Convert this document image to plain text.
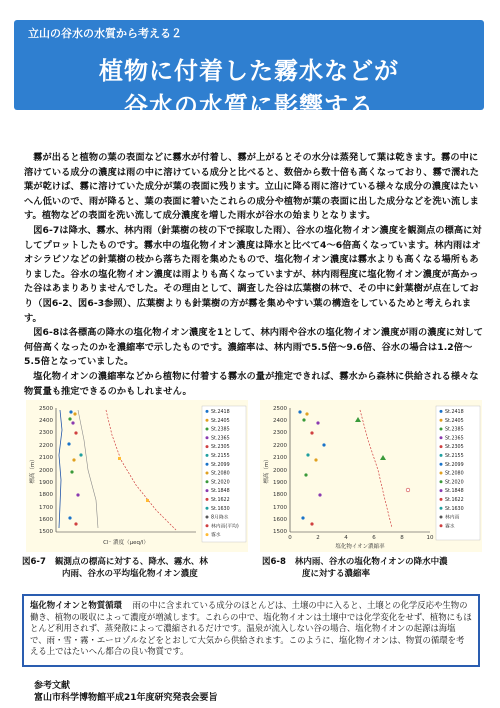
立山の谷水の水質から考える２
植物に付着した霧水などが
谷水の水質に影響する

霧が出ると植物の葉の表面などに霧水が付着し、霧が上がるとその水分は蒸発して葉は乾きます。霧の中に溶けている成分の濃度は雨の中に溶けている成分と比べると、数倍から数十倍も高くなっており、霧で濡れた葉が乾けば、霧に溶けていた成分が葉の表面に残ります。立山に降る雨に溶けている様々な成分の濃度はたいへん低いので、雨が降ると、葉の表面に着いたこれらの成分や植物が葉の表面に出した成分などを洗い流します。植物などの表面を洗い流して成分濃度を増した雨水が谷水の始まりとなります。

図6-7は降水、霧水、林内雨（針葉樹の枝の下で採取した雨）、谷水の塩化物イオン濃度を観測点の標高に対してプロットしたものです。霧水中の塩化物イオン濃度は降水と比べて4～6倍高くなっています。林内雨はオオシラビソなどの針葉樹の枝から落ちた雨を集めたもので、塩化物イオン濃度は霧水よりも高くなる場所もありました。谷水の塩化物イオン濃度は雨よりも高くなっていますが、林内雨程度に塩化物イオン濃度が高かった谷はあまりありませんでした。その理由として、調査した谷は広葉樹の林で、その中に針葉樹が点在しており（図6-2、図6-3参照）、広葉樹よりも針葉樹の方が霧を集めやすい葉の構造をしているためと考えられます。

図6-8は各標高の降水の塩化物イオン濃度を1として、林内雨や谷水の塩化物イオン濃度が雨の濃度に対して何倍高くなったのかを濃縮率で示したものです。濃縮率は、林内雨で5.5倍～9.6倍、谷水の場合は1.2倍～5.5倍となっていました。

塩化物イオンの濃縮率などから植物に付着する霧水の量が推定できれば、霧水から森林に供給される様々な物質量も推定できるのかもしれません。

2500
2400
2300
2200
2100
2000
1900
1800
1700
1600
1500
標高（m）
Cl⁻ 濃度（μeq/l）
St.2418
St.2405
St.2385
St.2365
St.2305
St.2155
St.2099
St.2080
St.2020
St.1848
St.1622
St.1630
8月降水
林内雨(平均)
霧水
図6-7 観測点の標高に対する、降水、霧水、林
内雨、谷水の平均塩化物イオン濃度
2500
2400
2300
2200
2100
2000
1900
1800
1700
1600
1500
0	2	4	6	8	10
標高（m）
塩化物イオン濃縮率
St.2418
St.2405
St.2385
St.2365
St.2305
St.2155
St.2099
St.2080
St.2020
St.1848
St.1622
St.1630
林内雨
霧水
図6-8 林内雨、谷水の塩化物イオンの降水中濃
度に対する濃縮率
塩化物イオンと物質循環 雨の中に含まれている成分のほとんどは、土壌の中に入ると、土壌との化学反応や生物の働き、植物の吸収によって濃度が増減します。これらの中で、塩化物イオンは土壌中では化学変化をせず、植物にもほとんど利用されず、蒸発散によって濃縮されるだけです。温泉が流入しない谷の場合、塩化物イオンの起源は海塩で、雨・雪・霧・エーロゾルなどをとおして大気から供給されます。このように、塩化物イオンは、物質の循環を考える上ではたいへん都合の良い物質です。
参考文献
富山市科学博物館平成21年度研究発表会要旨
